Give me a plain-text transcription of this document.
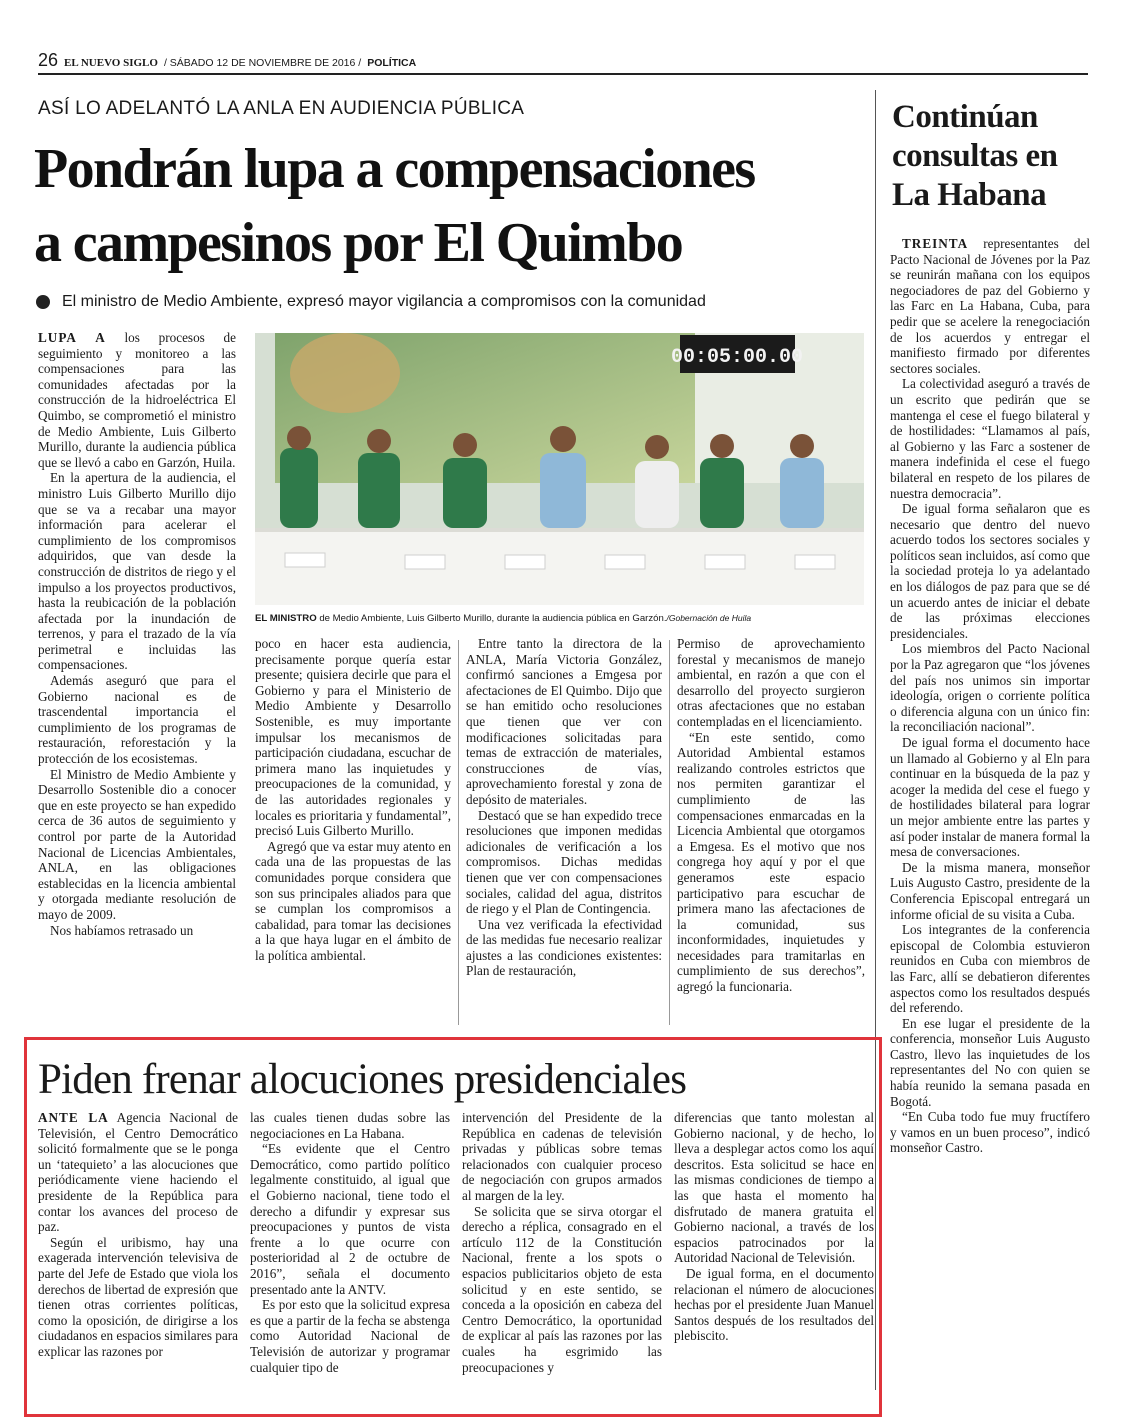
26 EL NUEVO SIGLO / SÁBADO 12 DE NOVIEMBRE DE 2016 / POLÍTICA
ASÍ LO ADELANTÓ LA ANLA EN AUDIENCIA PÚBLICA
Pondrán lupa a compensaciones
a campesinos por El Quimbo
El ministro de Medio Ambiente, expresó mayor vigilancia a compromisos con la comunidad

LUPA A los procesos de seguimiento y monitoreo a las compensaciones para las comunidades afectadas por la construcción de la hidroeléctrica El Quimbo, se comprometió el ministro de Medio Ambiente, Luis Gilberto Murillo, durante la audiencia pública que se llevó a cabo en Garzón, Huila.

En la apertura de la audiencia, el ministro Luis Gilberto Murillo dijo que se va a recabar una mayor información para acelerar el cumplimiento de los compromisos adquiridos, que van desde la construcción de distritos de riego y el impulso a los proyectos productivos, hasta la reubicación de la población afectada por la inundación de terrenos, y para el trazado de la vía perimetral e incluidas las compensaciones.

Además aseguró que para el Gobierno nacional es de trascendental importancia el cumplimiento de los programas de restauración, reforestación y la protección de los ecosistemas.

El Ministro de Medio Ambiente y Desarrollo Sostenible dio a conocer que en este proyecto se han expedido cerca de 36 autos de seguimiento y control por parte de la Autoridad Nacional de Licencias Ambientales, ANLA, en las obligaciones establecidas en la licencia ambiental y otorgada mediante resolución de mayo de 2009.

Nos habíamos retrasado un

00:05:00.00
EL MINISTRO de Medio Ambiente, Luis Gilberto Murillo, durante la audiencia pública en Garzón./Gobernación de Huila

poco en hacer esta audiencia, precisamente porque quería estar presente; quisiera decirle que para el Gobierno y para el Ministerio de Medio Ambiente y Desarrollo Sostenible, es muy importante impulsar los mecanismos de participación ciudadana, escuchar de primera mano las inquietudes y preocupaciones de la comunidad, y de las autoridades regionales y locales es prioritaria y fundamental”, precisó Luis Gilberto Murillo.

Agregó que va estar muy atento en cada una de las propuestas de las comunidades porque considera que son sus principales aliados para que se cumplan los compromisos a cabalidad, para tomar las decisiones a la que haya lugar en el ámbito de la política ambiental.

Entre tanto la directora de la ANLA, María Victoria González, confirmó sanciones a Emgesa por afectaciones de El Quimbo. Dijo que se han emitido ocho resoluciones que tienen que ver con modificaciones solicitadas para temas de extracción de materiales, construcciones de vías, aprovechamiento forestal y zona de depósito de materiales.

Destacó que se han expedido trece resoluciones que imponen medidas adicionales de verificación a los compromisos. Dichas medidas tienen que ver con compensaciones sociales, calidad del agua, distritos de riego y el Plan de Contingencia.

Una vez verificada la efectividad de las medidas fue necesario realizar ajustes a las condiciones existentes: Plan de restauración,

Permiso de aprovechamiento forestal y mecanismos de manejo ambiental, en razón a que con el desarrollo del proyecto surgieron otras afectaciones que no estaban contempladas en el licenciamiento.

“En este sentido, como Autoridad Ambiental estamos realizando controles estrictos que nos permiten garantizar el cumplimiento de las compensaciones enmarcadas en la Licencia Ambiental que otorgamos a Emgesa. Es el motivo que nos congrega hoy aquí y por el que generamos este espacio participativo para escuchar de primera mano las afectaciones de la comunidad, sus inconformidades, inquietudes y necesidades para tramitarlas en cumplimiento de sus derechos”, agregó la funcionaria.

Continúan
consultas en
La Habana

TREINTA representantes del Pacto Nacional de Jóvenes por la Paz se reunirán mañana con los equipos negociadores de paz del Gobierno y las Farc en La Habana, Cuba, para pedir que se acelere la renegociación de los acuerdos y entregar el manifiesto firmado por diferentes sectores sociales.

La colectividad aseguró a través de un escrito que pedirán que se mantenga el cese el fuego bilateral y de hostilidades: “Llamamos al país, al Gobierno y las Farc a sostener de manera indefinida el cese el fuego bilateral en respeto de los pilares de nuestra democracia”.

De igual forma señalaron que es necesario que dentro del nuevo acuerdo todos los sectores sociales y políticos sean incluidos, así como que la sociedad proteja lo ya adelantado en los diálogos de paz para que se dé un acuerdo antes de iniciar el debate de las próximas elecciones presidenciales.

Los miembros del Pacto Nacional por la Paz agregaron que “los jóvenes del país nos unimos sin importar ideología, origen o corriente política o diferencia alguna con un único fin: la reconciliación nacional”.

De igual forma el documento hace un llamado al Gobierno y al Eln para continuar en la búsqueda de la paz y acoger la medida del cese el fuego y de hostilidades bilateral para lograr un mejor ambiente entre las partes y así poder instalar de manera formal la mesa de conversaciones.

De la misma manera, monseñor Luis Augusto Castro, presidente de la Conferencia Episcopal entregará un informe oficial de su visita a Cuba.

Los integrantes de la conferencia episcopal de Colombia estuvieron reunidos en Cuba con miembros de las Farc, allí se debatieron diferentes aspectos como los resultados después del referendo.

En ese lugar el presidente de la conferencia, monseñor Luis Augusto Castro, llevo las inquietudes de los representantes del No con quien se había reunido la semana pasada en Bogotá.

“En Cuba todo fue muy fructífero y vamos en un buen proceso”, indicó monseñor Castro.

Piden frenar alocuciones presidenciales

ANTE LA Agencia Nacional de Televisión, el Centro Democrático solicitó formalmente que se le ponga un ‘tatequieto’ a las alocuciones que periódicamente viene haciendo el presidente de la República para contar los avances del proceso de paz.

Según el uribismo, hay una exagerada intervención televisiva de parte del Jefe de Estado que viola los derechos de libertad de expresión que tienen otras corrientes políticas, como la oposición, de dirigirse a los ciudadanos en espacios similares para explicar las razones por

las cuales tienen dudas sobre las negociaciones en La Habana.

“Es evidente que el Centro Democrático, como partido político legalmente constituido, al igual que el Gobierno nacional, tiene todo el derecho a difundir y expresar sus preocupaciones y puntos de vista frente a lo que ocurre con posterioridad al 2 de octubre de 2016”, señala el documento presentado ante la ANTV.

Es por esto que la solicitud expresa es que a partir de la fecha se abstenga como Autoridad Nacional de Televisión de autorizar y programar cualquier tipo de

intervención del Presidente de la República en cadenas de televisión privadas y públicas sobre temas relacionados con cualquier proceso de negociación con grupos armados al margen de la ley.

Se solicita que se sirva otorgar el derecho a réplica, consagrado en el artículo 112 de la Constitución Nacional, frente a los spots o espacios publicitarios objeto de esta solicitud y en este sentido, se conceda a la oposición en cabeza del Centro Democrático, la oportunidad de explicar al país las razones por las cuales ha esgrimido las preocupaciones y

diferencias que tanto molestan al Gobierno nacional, y de hecho, lo lleva a desplegar actos como los aquí descritos. Esta solicitud se hace en las mismas condiciones de tiempo a las que hasta el momento ha disfrutado de manera gratuita el Gobierno nacional, a través de los espacios patrocinados por la Autoridad Nacional de Televisión.

De igual forma, en el documento relacionan el número de alocuciones hechas por el presidente Juan Manuel Santos después de los resultados del plebiscito.
